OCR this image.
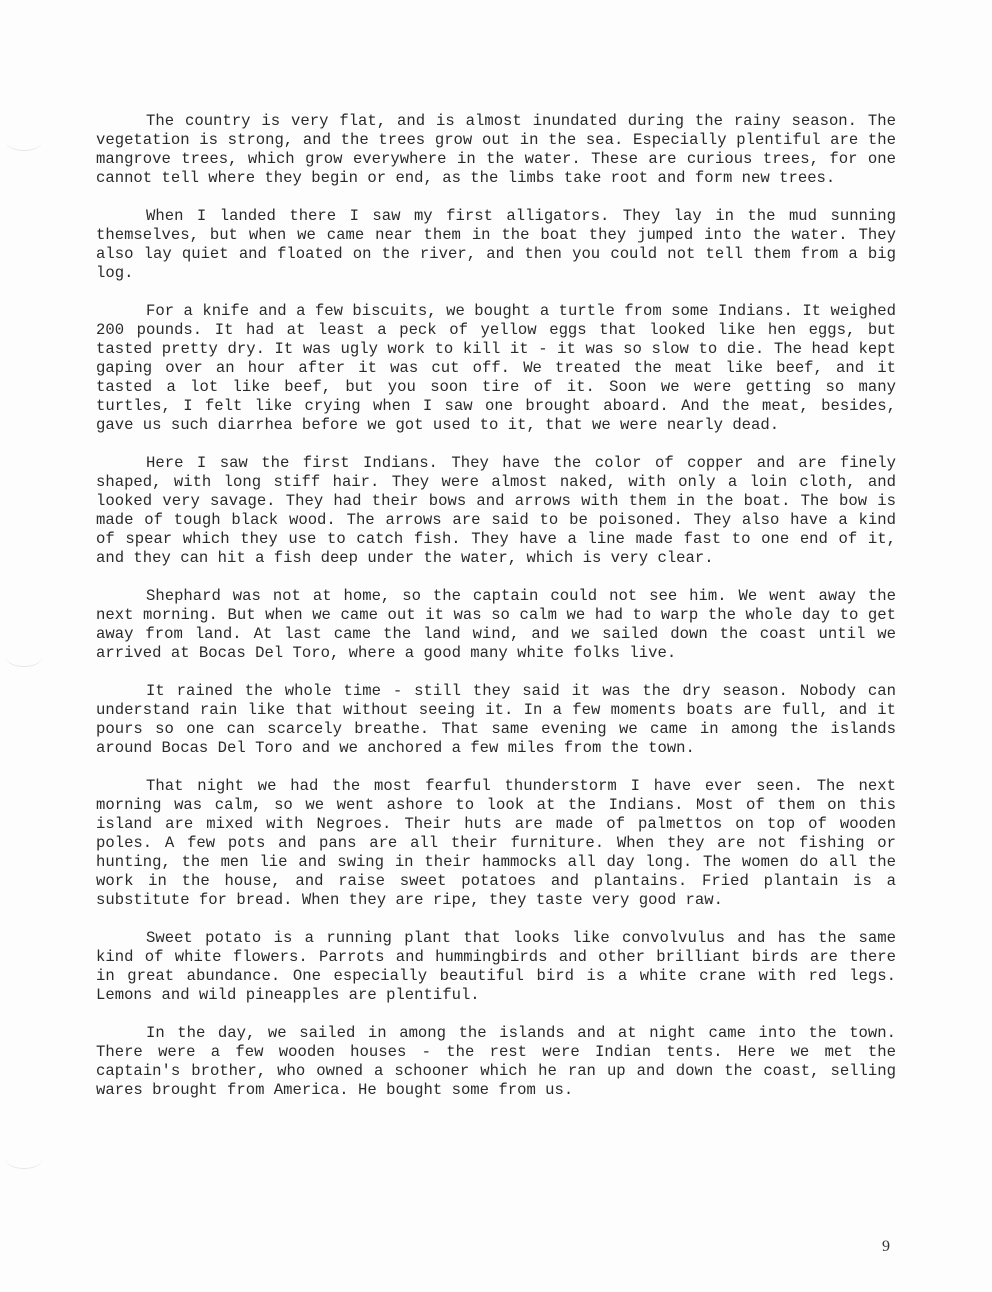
The country is very flat, and is almost inundated during the rainy season. The vegetation is strong, and the trees grow out in the sea. Especially plentiful are the mangrove trees, which grow everywhere in the water. These are curious trees, for one cannot tell where they begin or end, as the limbs take root and form new trees.

When I landed there I saw my first alligators. They lay in the mud sunning themselves, but when we came near them in the boat they jumped into the water. They also lay quiet and floated on the river, and then you could not tell them from a big log.

For a knife and a few biscuits, we bought a turtle from some Indians. It weighed 200 pounds. It had at least a peck of yellow eggs that looked like hen eggs, but tasted pretty dry. It was ugly work to kill it - it was so slow to die. The head kept gaping over an hour after it was cut off. We treated the meat like beef, and it tasted a lot like beef, but you soon tire of it. Soon we were getting so many turtles, I felt like crying when I saw one brought aboard. And the meat, besides, gave us such diarrhea before we got used to it, that we were nearly dead.

Here I saw the first Indians. They have the color of copper and are finely shaped, with long stiff hair. They were almost naked, with only a loin cloth, and looked very savage. They had their bows and arrows with them in the boat. The bow is made of tough black wood. The arrows are said to be poisoned. They also have a kind of spear which they use to catch fish. They have a line made fast to one end of it, and they can hit a fish deep under the water, which is very clear.

Shephard was not at home, so the captain could not see him. We went away the next morning. But when we came out it was so calm we had to warp the whole day to get away from land. At last came the land wind, and we sailed down the coast until we arrived at Bocas Del Toro, where a good many white folks live.

It rained the whole time - still they said it was the dry season. Nobody can understand rain like that without seeing it. In a few moments boats are full, and it pours so one can scarcely breathe. That same evening we came in among the islands around Bocas Del Toro and we anchored a few miles from the town.

That night we had the most fearful thunderstorm I have ever seen. The next morning was calm, so we went ashore to look at the Indians. Most of them on this island are mixed with Negroes. Their huts are made of palmettos on top of wooden poles. A few pots and pans are all their furniture. When they are not fishing or hunting, the men lie and swing in their hammocks all day long. The women do all the work in the house, and raise sweet potatoes and plantains. Fried plantain is a substitute for bread. When they are ripe, they taste very good raw.

Sweet potato is a running plant that looks like convolvulus and has the same kind of white flowers. Parrots and hummingbirds and other brilliant birds are there in great abundance. One especially beautiful bird is a white crane with red legs. Lemons and wild pineapples are plentiful.

In the day, we sailed in among the islands and at night came into the town. There were a few wooden houses - the rest were Indian tents. Here we met the captain's brother, who owned a schooner which he ran up and down the coast, selling wares brought from America. He bought some from us.

9
